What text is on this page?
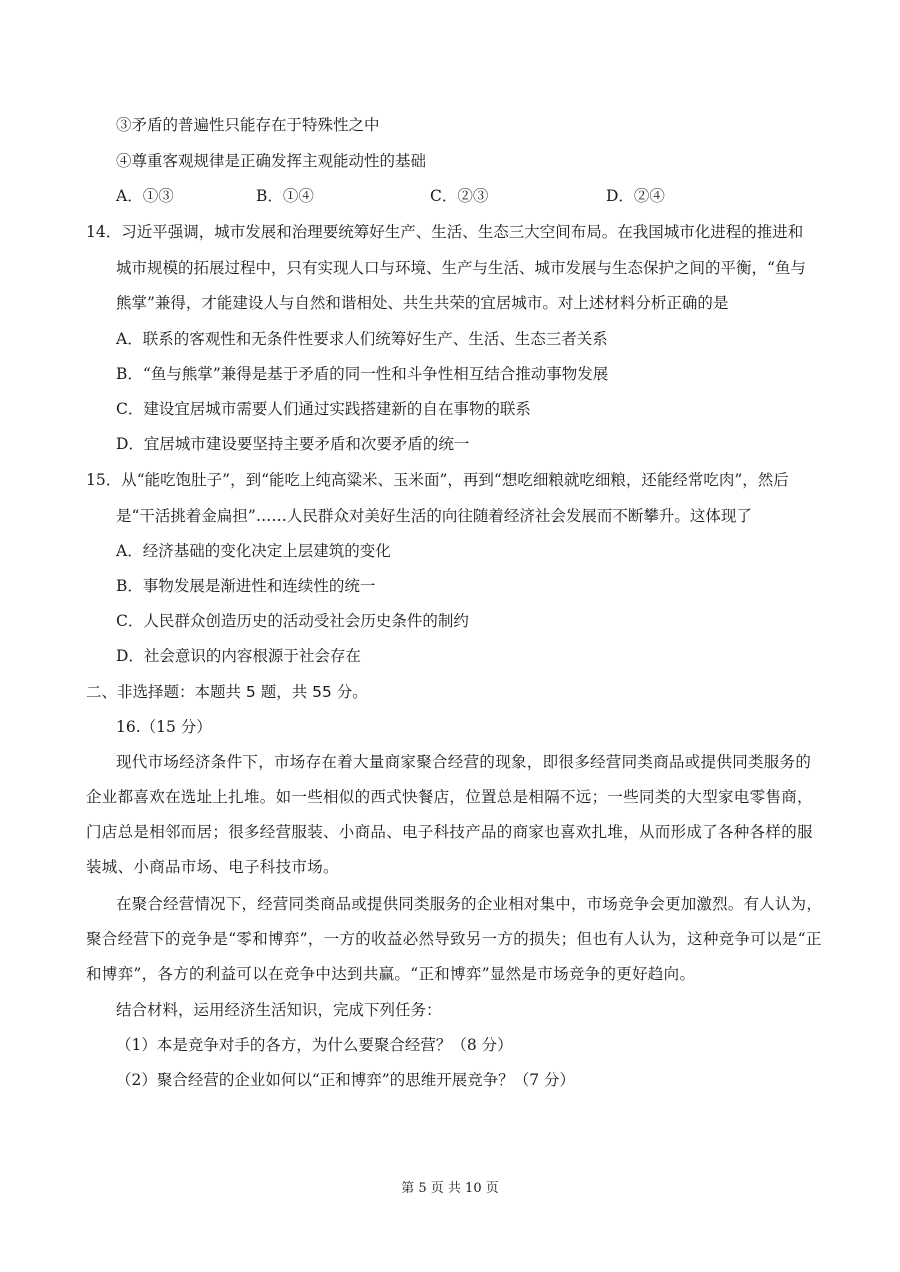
③矛盾的普遍性只能存在于特殊性之中
④尊重客观规律是正确发挥主观能动性的基础
A．①③	B．①④	C．②③	D．②④
14．习近平强调，城市发展和治理要统筹好生产、生活、生态三大空间布局。在我国城市化进程的推进和
城市规模的拓展过程中，只有实现人口与环境、生产与生活、城市发展与生态保护之间的平衡，“鱼与
熊掌”兼得，才能建设人与自然和谐相处、共生共荣的宜居城市。对上述材料分析正确的是
A．联系的客观性和无条件性要求人们统筹好生产、生活、生态三者关系
B．“鱼与熊掌”兼得是基于矛盾的同一性和斗争性相互结合推动事物发展
C．建设宜居城市需要人们通过实践搭建新的自在事物的联系
D．宜居城市建设要坚持主要矛盾和次要矛盾的统一
15．从“能吃饱肚子”，到“能吃上纯高粱米、玉米面”，再到“想吃细粮就吃细粮，还能经常吃肉”，然后
是“干活挑着金扁担”……人民群众对美好生活的向往随着经济社会发展而不断攀升。这体现了
A．经济基础的变化决定上层建筑的变化
B．事物发展是渐进性和连续性的统一
C．人民群众创造历史的活动受社会历史条件的制约
D．社会意识的内容根源于社会存在
二、非选择题：本题共 5 题，共 55 分。
16.（15 分）
现代市场经济条件下，市场存在着大量商家聚合经营的现象，即很多经营同类商品或提供同类服务的
企业都喜欢在选址上扎堆。如一些相似的西式快餐店，位置总是相隔不远；一些同类的大型家电零售商，
门店总是相邻而居；很多经营服装、小商品、电子科技产品的商家也喜欢扎堆，从而形成了各种各样的服
装城、小商品市场、电子科技市场。
在聚合经营情况下，经营同类商品或提供同类服务的企业相对集中，市场竞争会更加激烈。有人认为，
聚合经营下的竞争是“零和博弈”，一方的收益必然导致另一方的损失；但也有人认为，这种竞争可以是“正
和博弈”，各方的利益可以在竞争中达到共赢。“正和博弈”显然是市场竞争的更好趋向。
结合材料，运用经济生活知识，完成下列任务：
（1）本是竞争对手的各方，为什么要聚合经营？（8 分）
（2）聚合经营的企业如何以“正和博弈”的思维开展竞争？（7 分）
第 5 页 共 10 页
